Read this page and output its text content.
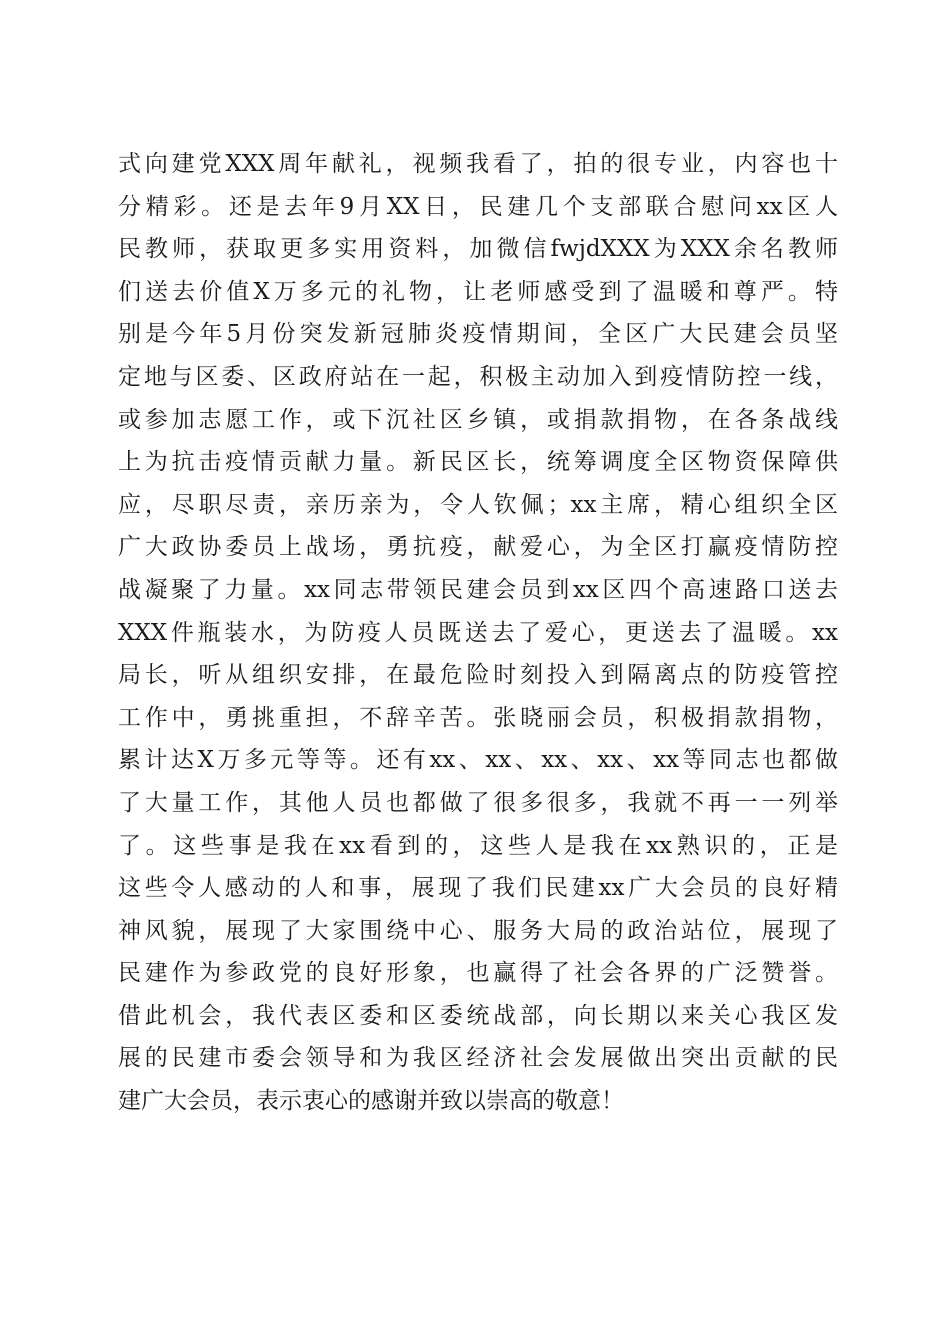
式向建党XXX周年献礼，视频我看了，拍的很专业，内容也十
分精彩。还是去年9月XX日，民建几个支部联合慰问xx区人
民教师，获取更多实用资料，加微信fwjdXXX为XXX余名教师
们送去价值X万多元的礼物，让老师感受到了温暖和尊严。特
别是今年5月份突发新冠肺炎疫情期间，全区广大民建会员坚
定地与区委、区政府站在一起，积极主动加入到疫情防控一线，
或参加志愿工作，或下沉社区乡镇，或捐款捐物，在各条战线
上为抗击疫情贡献力量。新民区长，统筹调度全区物资保障供
应，尽职尽责，亲历亲为，令人钦佩；xx主席，精心组织全区
广大政协委员上战场，勇抗疫，献爱心，为全区打赢疫情防控
战凝聚了力量。xx同志带领民建会员到xx区四个高速路口送去
XXX件瓶装水，为防疫人员既送去了爱心，更送去了温暖。xx
局长，听从组织安排，在最危险时刻投入到隔离点的防疫管控
工作中，勇挑重担，不辞辛苦。张晓丽会员，积极捐款捐物，
累计达X万多元等等。还有xx、xx、xx、xx、xx等同志也都做
了大量工作，其他人员也都做了很多很多，我就不再一一列举
了。这些事是我在xx看到的，这些人是我在xx熟识的，正是
这些令人感动的人和事，展现了我们民建xx广大会员的良好精
神风貌，展现了大家围绕中心、服务大局的政治站位，展现了
民建作为参政党的良好形象，也赢得了社会各界的广泛赞誉。
借此机会，我代表区委和区委统战部，向长期以来关心我区发
展的民建市委会领导和为我区经济社会发展做出突出贡献的民
建广大会员，表示衷心的感谢并致以崇高的敬意！
